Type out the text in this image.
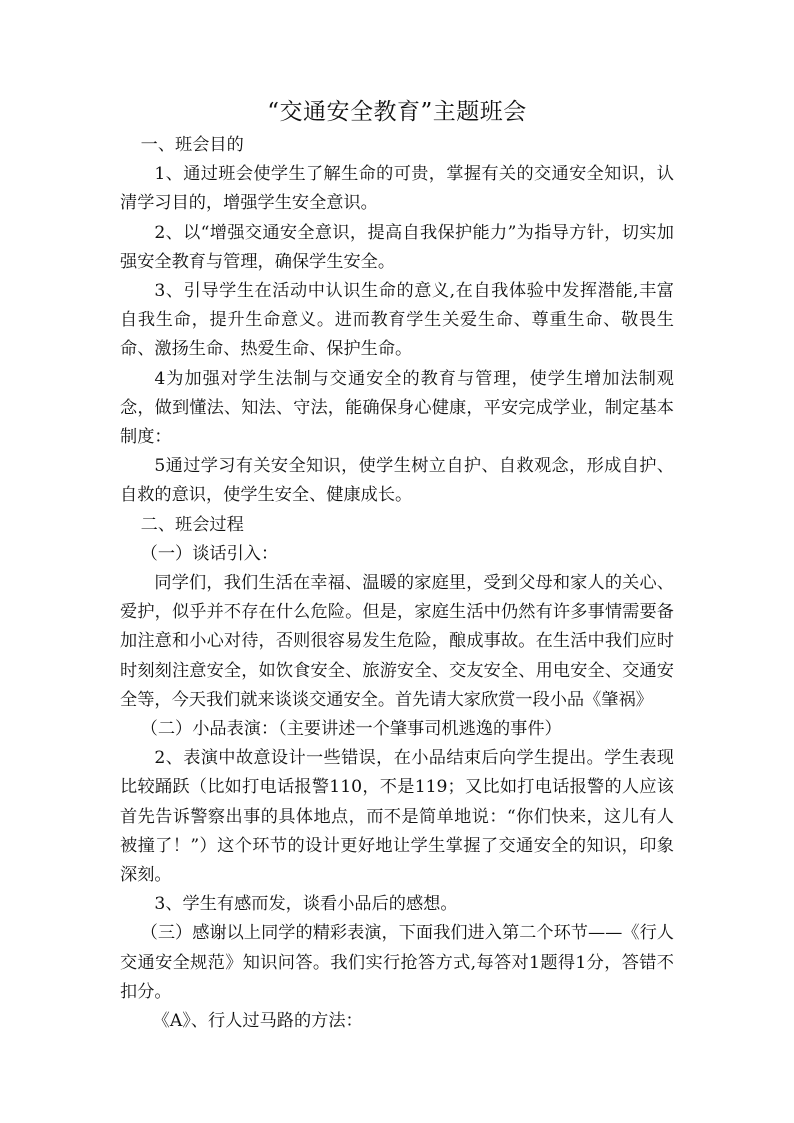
“交通安全教育”主题班会

一、班会目的

1、通过班会使学生了解生命的可贵，掌握有关的交通安全知识，认清学习目的，增强学生安全意识。

2、以“增强交通安全意识，提高自我保护能力”为指导方针，切实加强安全教育与管理，确保学生安全。

3、引导学生在活动中认识生命的意义,在自我体验中发挥潜能,丰富自我生命，提升生命意义。进而教育学生关爱生命、尊重生命、敬畏生命、激扬生命、热爱生命、保护生命。

4为加强对学生法制与交通安全的教育与管理，使学生增加法制观念，做到懂法、知法、守法，能确保身心健康，平安完成学业，制定基本制度：

5通过学习有关安全知识，使学生树立自护、自救观念，形成自护、自救的意识，使学生安全、健康成长。

二、班会过程

（一）谈话引入：

同学们，我们生活在幸福、温暖的家庭里，受到父母和家人的关心、爱护，似乎并不存在什么危险。但是，家庭生活中仍然有许多事情需要备加注意和小心对待，否则很容易发生危险，酿成事故。在生活中我们应时时刻刻注意安全，如饮食安全、旅游安全、交友安全、用电安全、交通安全等，今天我们就来谈谈交通安全。首先请大家欣赏一段小品《肇祸》

（二）小品表演：（主要讲述一个肇事司机逃逸的事件）

2、表演中故意设计一些错误，在小品结束后向学生提出。学生表现比较踊跃（比如打电话报警110，不是119；又比如打电话报警的人应该首先告诉警察出事的具体地点，而不是简单地说：“你们快来，这儿有人被撞了！”）这个环节的设计更好地让学生掌握了交通安全的知识，印象深刻。

3、学生有感而发，谈看小品后的感想。

（三）感谢以上同学的精彩表演，下面我们进入第二个环节——《行人交通安全规范》知识问答。我们实行抢答方式,每答对1题得1分，答错不扣分。

《A》、行人过马路的方法：
